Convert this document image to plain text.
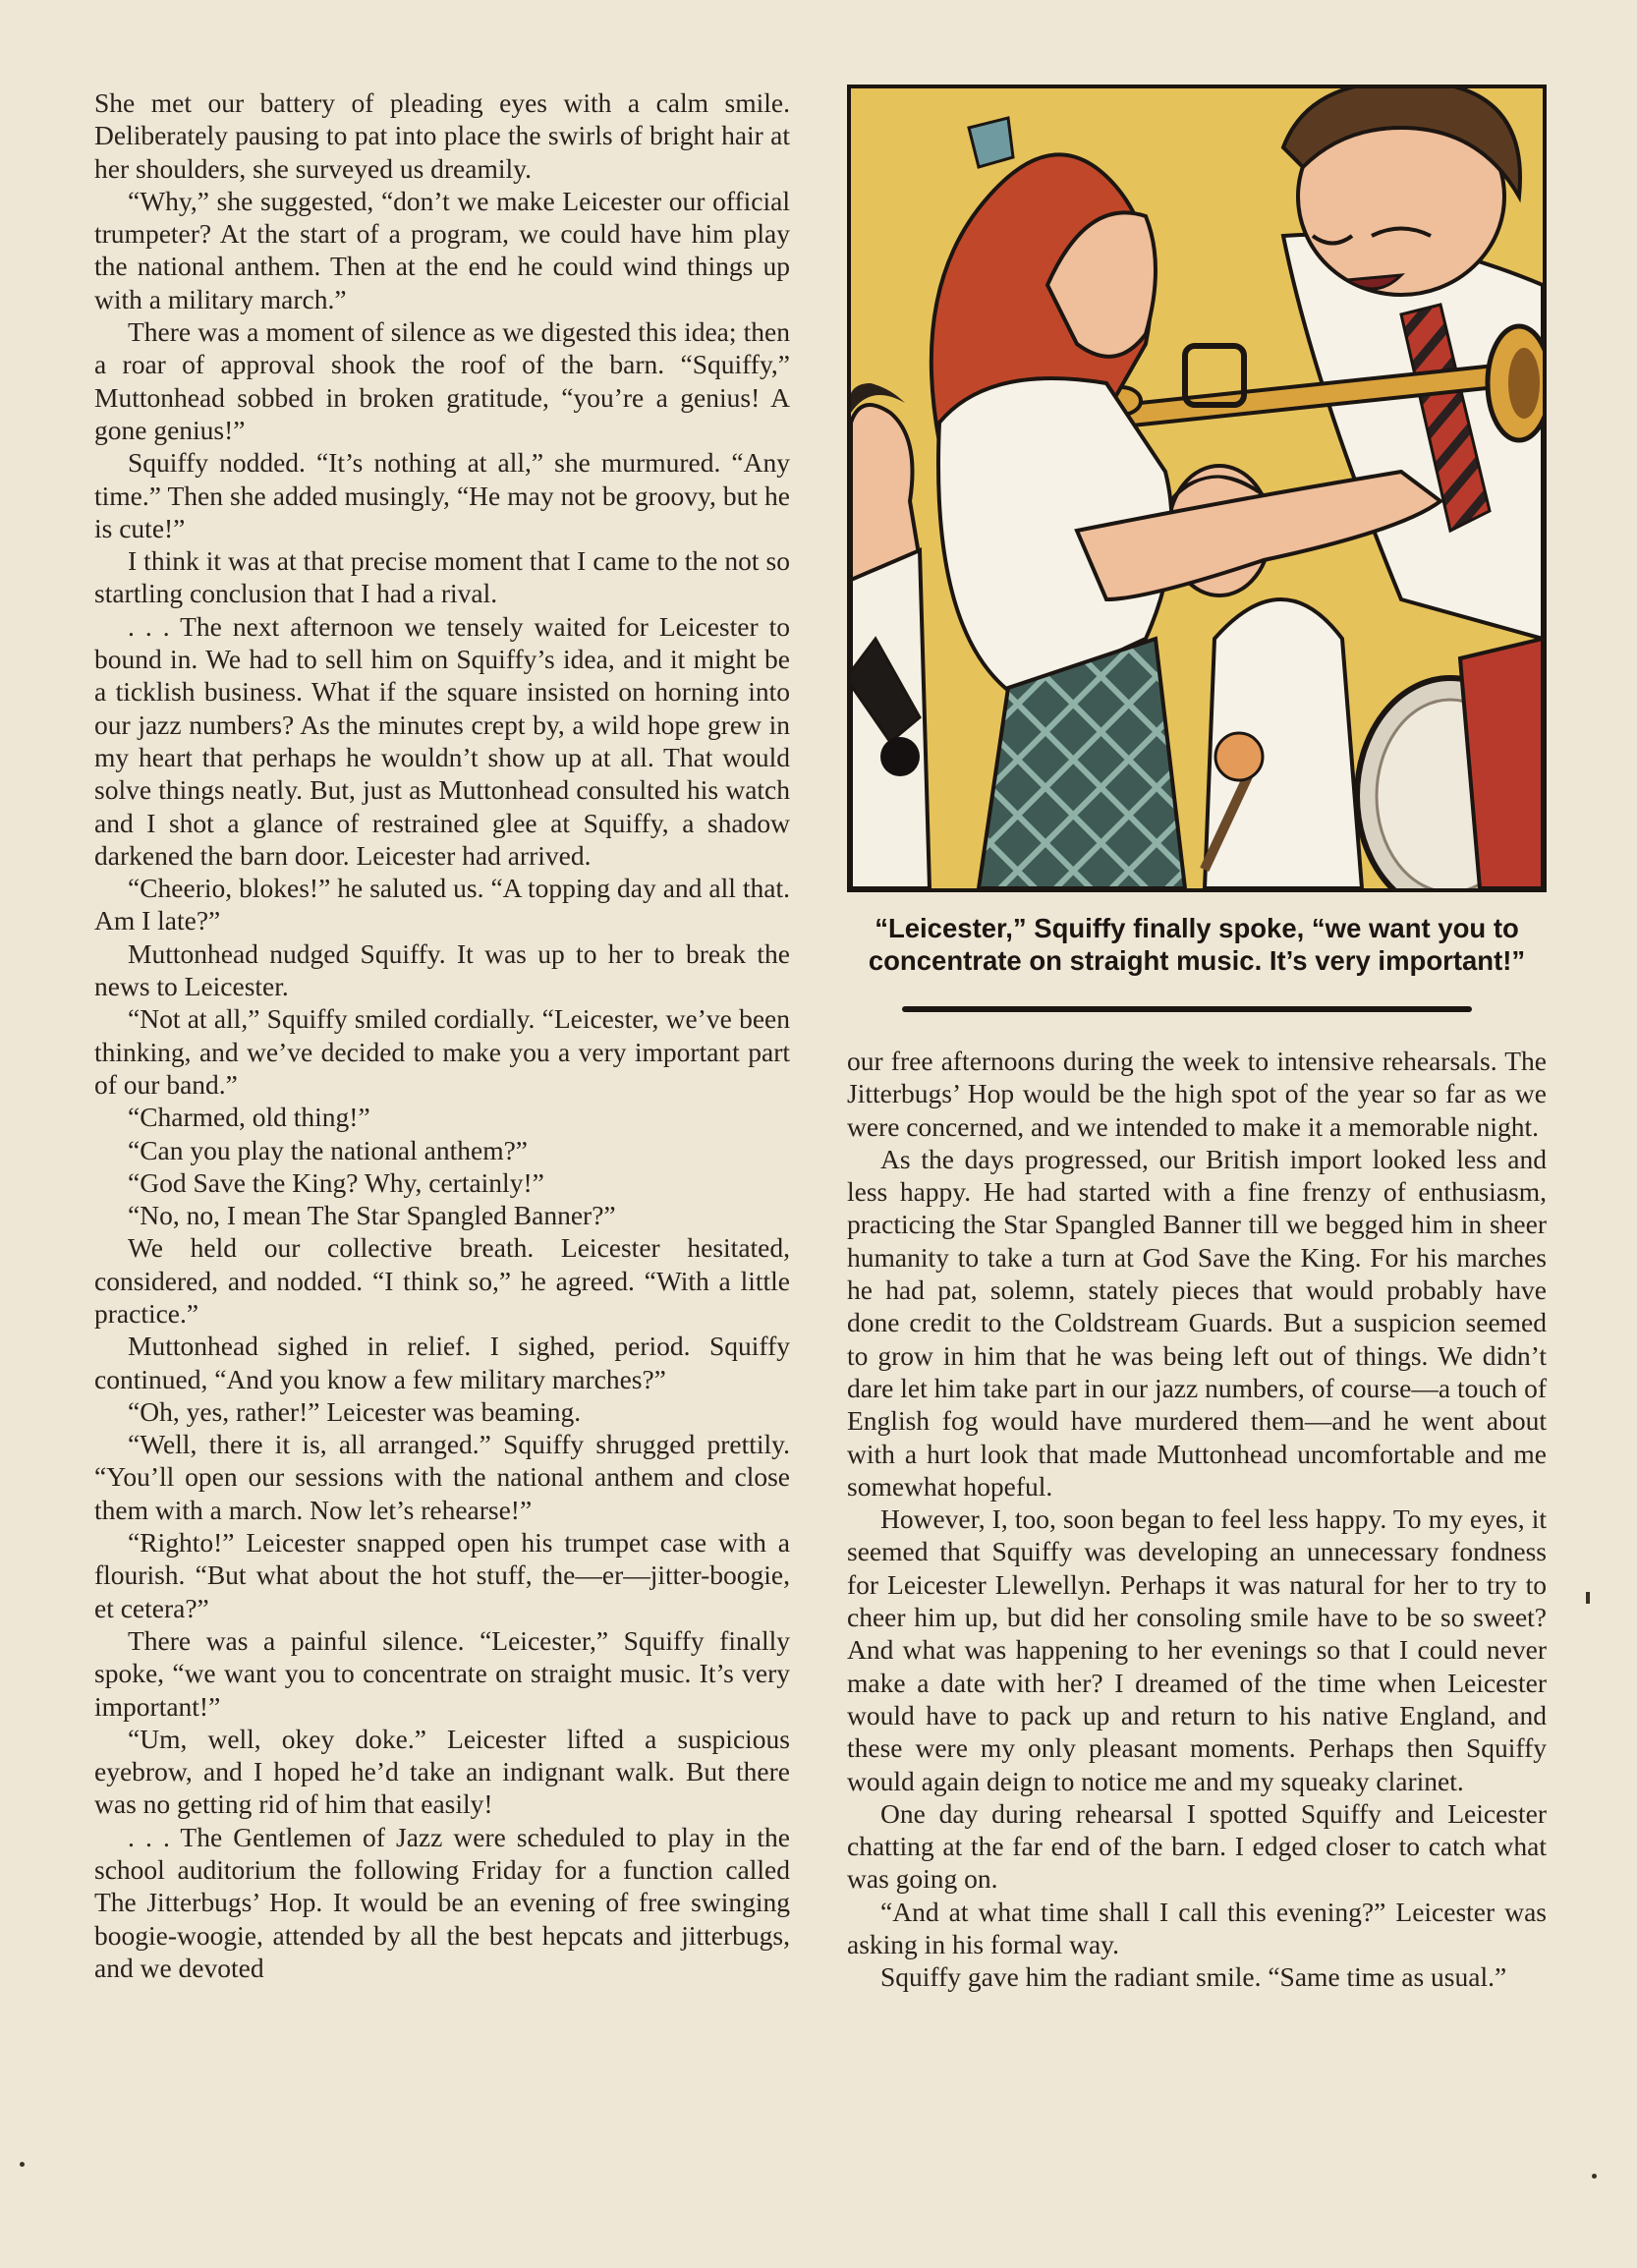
She met our battery of pleading eyes with a calm smile. Deliberately pausing to pat into place the swirls of bright hair at her shoulders, she surveyed us dreamily.

“Why,” she suggested, “don’t we make Leicester our official trumpeter? At the start of a program, we could have him play the national anthem. Then at the end he could wind things up with a military march.”

There was a moment of silence as we digested this idea; then a roar of approval shook the roof of the barn. “Squiffy,” Muttonhead sobbed in broken gratitude, “you’re a genius! A gone genius!”

Squiffy nodded. “It’s nothing at all,” she murmured. “Any time.” Then she added musingly, “He may not be groovy, but he is cute!”

I think it was at that precise moment that I came to the not so startling conclusion that I had a rival.

. . . The next afternoon we tensely waited for Leicester to bound in. We had to sell him on Squiffy’s idea, and it might be a ticklish business. What if the square insisted on horning into our jazz numbers? As the minutes crept by, a wild hope grew in my heart that perhaps he wouldn’t show up at all. That would solve things neatly. But, just as Muttonhead consulted his watch and I shot a glance of restrained glee at Squiffy, a shadow darkened the barn door. Leicester had arrived.

“Cheerio, blokes!” he saluted us. “A topping day and all that. Am I late?”

Muttonhead nudged Squiffy. It was up to her to break the news to Leicester.

“Not at all,” Squiffy smiled cordially. “Leicester, we’ve been thinking, and we’ve decided to make you a very important part of our band.”

“Charmed, old thing!”

“Can you play the national anthem?”

“God Save the King? Why, certainly!”

“No, no, I mean The Star Spangled Banner?”

We held our collective breath. Leicester hesitated, considered, and nodded. “I think so,” he agreed. “With a little practice.”

Muttonhead sighed in relief. I sighed, period. Squiffy continued, “And you know a few military marches?”

“Oh, yes, rather!” Leicester was beaming.

“Well, there it is, all arranged.” Squiffy shrugged prettily. “You’ll open our sessions with the national anthem and close them with a march. Now let’s rehearse!”

“Righto!” Leicester snapped open his trumpet case with a flourish. “But what about the hot stuff, the—er—jitter-boogie, et cetera?”

There was a painful silence. “Leicester,” Squiffy finally spoke, “we want you to concentrate on straight music. It’s very important!”

“Um, well, okey doke.” Leicester lifted a suspicious eyebrow, and I hoped he’d take an indignant walk. But there was no getting rid of him that easily!

. . . The Gentlemen of Jazz were scheduled to play in the school auditorium the following Friday for a function called The Jitterbugs’ Hop. It would be an evening of free swinging boogie-woogie, attended by all the best hepcats and jitterbugs, and we devoted

“Leicester,” Squiffy finally spoke, “we want you to concentrate on straight music. It’s very important!”

our free afternoons during the week to intensive rehearsals. The Jitterbugs’ Hop would be the high spot of the year so far as we were concerned, and we intended to make it a memorable night.

As the days progressed, our British import looked less and less happy. He had started with a fine frenzy of enthusiasm, practicing the Star Spangled Banner till we begged him in sheer humanity to take a turn at God Save the King. For his marches he had pat, solemn, stately pieces that would probably have done credit to the Coldstream Guards. But a suspicion seemed to grow in him that he was being left out of things. We didn’t dare let him take part in our jazz numbers, of course—a touch of English fog would have murdered them—and he went about with a hurt look that made Muttonhead uncomfortable and me somewhat hopeful.

However, I, too, soon began to feel less happy. To my eyes, it seemed that Squiffy was developing an unnecessary fondness for Leicester Llewellyn. Perhaps it was natural for her to try to cheer him up, but did her consoling smile have to be so sweet? And what was happening to her evenings so that I could never make a date with her? I dreamed of the time when Leicester would have to pack up and return to his native England, and these were my only pleasant moments. Perhaps then Squiffy would again deign to notice me and my squeaky clarinet.

One day during rehearsal I spotted Squiffy and Leicester chatting at the far end of the barn. I edged closer to catch what was going on.

“And at what time shall I call this evening?” Leicester was asking in his formal way.

Squiffy gave him the radiant smile. “Same time as usual.”
